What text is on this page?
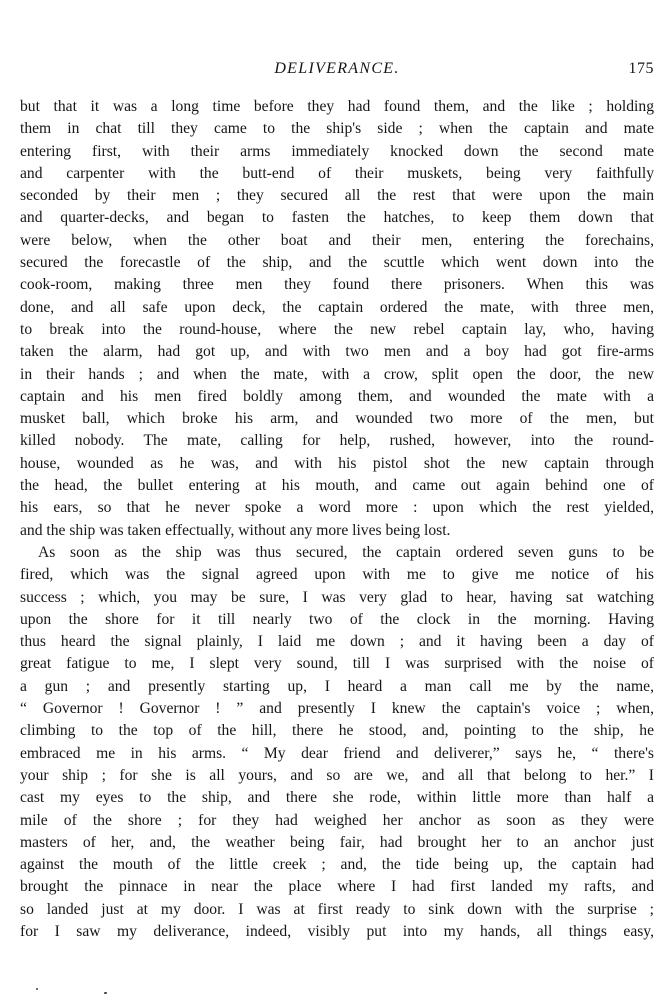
DELIVERANCE.	175
but that it was a long time before they had found them, and the like ; holding
them in chat till they came to the ship's side ; when the captain and mate
entering first, with their arms immediately knocked down the second mate
and carpenter with the butt-end of their muskets, being very faithfully
seconded by their men ; they secured all the rest that were upon the main
and quarter-decks, and began to fasten the hatches, to keep them down that
were below, when the other boat and their men, entering the forechains,
secured the forecastle of the ship, and the scuttle which went down into the
cook-room, making three men they found there prisoners. When this was
done, and all safe upon deck, the captain ordered the mate, with three men,
to break into the round-house, where the new rebel captain lay, who, having
taken the alarm, had got up, and with two men and a boy had got fire-arms
in their hands ; and when the mate, with a crow, split open the door, the new
captain and his men fired boldly among them, and wounded the mate with a
musket ball, which broke his arm, and wounded two more of the men, but
killed nobody. The mate, calling for help, rushed, however, into the round-
house, wounded as he was, and with his pistol shot the new captain through
the head, the bullet entering at his mouth, and came out again behind one of
his ears, so that he never spoke a word more : upon which the rest yielded,
and the ship was taken effectually, without any more lives being lost.
As soon as the ship was thus secured, the captain ordered seven guns to be
fired, which was the signal agreed upon with me to give me notice of his
success ; which, you may be sure, I was very glad to hear, having sat watching
upon the shore for it till nearly two of the clock in the morning. Having
thus heard the signal plainly, I laid me down ; and it having been a day of
great fatigue to me, I slept very sound, till I was surprised with the noise of
a gun ; and presently starting up, I heard a man call me by the name,
“ Governor ! Governor ! ” and presently I knew the captain's voice ; when,
climbing to the top of the hill, there he stood, and, pointing to the ship, he
embraced me in his arms. “ My dear friend and deliverer,” says he, “ there's
your ship ; for she is all yours, and so are we, and all that belong to her.” I
cast my eyes to the ship, and there she rode, within little more than half a
mile of the shore ; for they had weighed her anchor as soon as they were
masters of her, and, the weather being fair, had brought her to an anchor just
against the mouth of the little creek ; and, the tide being up, the captain had
brought the pinnace in near the place where I had first landed my rafts, and
so landed just at my door. I was at first ready to sink down with the surprise ;
for I saw my deliverance, indeed, visibly put into my hands, all things easy,
